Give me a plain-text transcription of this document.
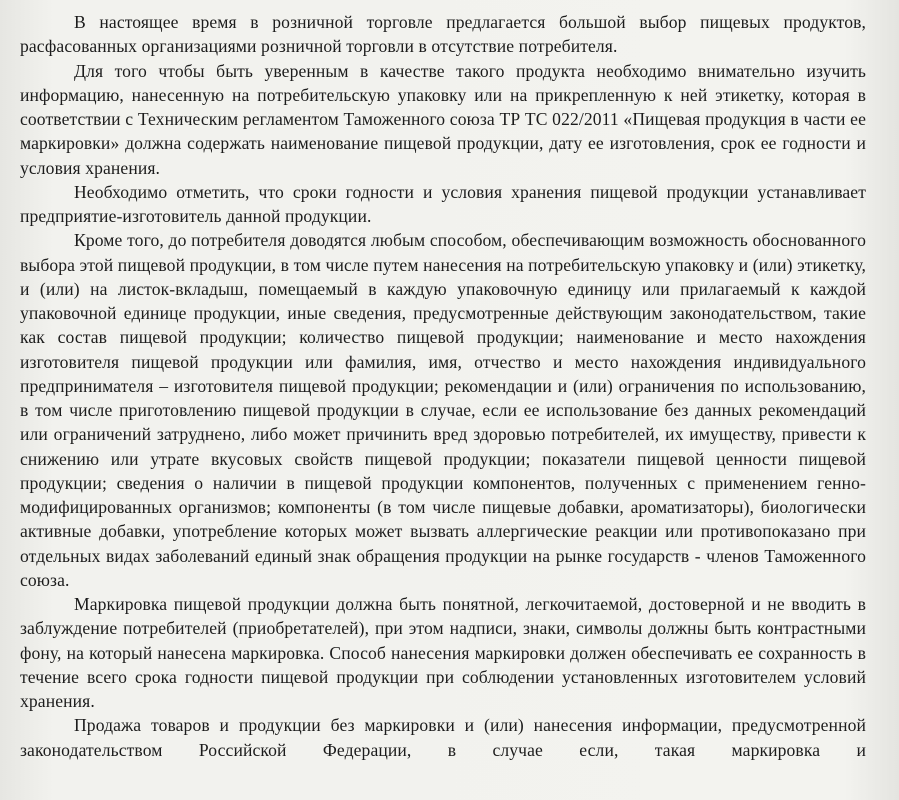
В настоящее время в розничной торговле предлагается большой выбор пищевых продуктов, расфасованных организациями розничной торговли в отсутствие потребителя.

Для того чтобы быть уверенным в качестве такого продукта необходимо внимательно изучить информацию, нанесенную на потребительскую упаковку или на прикрепленную к ней этикетку, которая в соответствии с Техническим регламентом Таможенного союза ТР ТС 022/2011 «Пищевая продукция в части ее маркировки» должна содержать наименование пищевой продукции, дату ее изготовления, срок ее годности и условия хранения.

Необходимо отметить, что сроки годности и условия хранения пищевой продукции устанавливает предприятие-изготовитель данной продукции.

Кроме того, до потребителя доводятся любым способом, обеспечивающим возможность обоснованного выбора этой пищевой продукции, в том числе путем нанесения на потребительскую упаковку и (или) этикетку, и (или) на листок-вкладыш, помещаемый в каждую упаковочную единицу или прилагаемый к каждой упаковочной единице продукции, иные сведения, предусмотренные действующим законодательством, такие как состав пищевой продукции; количество пищевой продукции; наименование и место нахождения изготовителя пищевой продукции или фамилия, имя, отчество и место нахождения индивидуального предпринимателя – изготовителя пищевой продукции; рекомендации и (или) ограничения по использованию, в том числе приготовлению пищевой продукции в случае, если ее использование без данных рекомендаций или ограничений затруднено, либо может причинить вред здоровью потребителей, их имуществу, привести к снижению или утрате вкусовых свойств пищевой продукции; показатели пищевой ценности пищевой продукции; сведения о наличии в пищевой продукции компонентов, полученных с применением генно-модифицированных организмов; компоненты (в том числе пищевые добавки, ароматизаторы), биологически активные добавки, употребление которых может вызвать аллергические реакции или противопоказано при отдельных видах заболеваний единый знак обращения продукции на рынке государств - членов Таможенного союза.

Маркировка пищевой продукции должна быть понятной, легкочитаемой, достоверной и не вводить в заблуждение потребителей (приобретателей), при этом надписи, знаки, символы должны быть контрастными фону, на который нанесена маркировка. Способ нанесения маркировки должен обеспечивать ее сохранность в течение всего срока годности пищевой продукции при соблюдении установленных изготовителем условий хранения.

Продажа товаров и продукции без маркировки и (или) нанесения информации, предусмотренной законодательством Российской Федерации, в случае если, такая маркировка и
